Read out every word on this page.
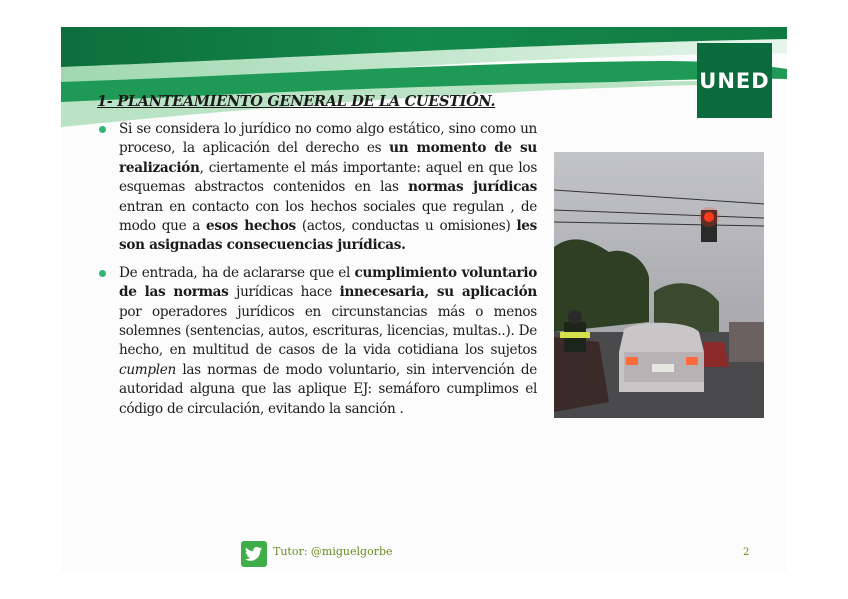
UNED
1- PLANTEAMIENTO GENERAL DE LA CUESTIÓN.
Si se considera lo jurídico no como algo estático, sino como un proceso, la aplicación del derecho es un momento de su realización, ciertamente el más importante: aquel en que los esquemas abstractos contenidos en las normas jurídicas entran en contacto con los hechos sociales que regulan , de modo que a esos hechos (actos, conductas u omisiones) les son asignadas consecuencias jurídicas.
De entrada, ha de aclararse que el cumplimiento voluntario de las normas jurídicas hace innecesaria, su aplicación por operadores jurídicos en circunstancias más o menos solemnes (sentencias, autos, escrituras, licencias, multas..). De hecho, en multitud de casos de la vida cotidiana los sujetos cumplen las normas de modo voluntario, sin intervención de autoridad alguna que las aplique EJ: semáforo cumplimos el código de circulación, evitando la sanción .
Tutor: @miguelgorbe	2
